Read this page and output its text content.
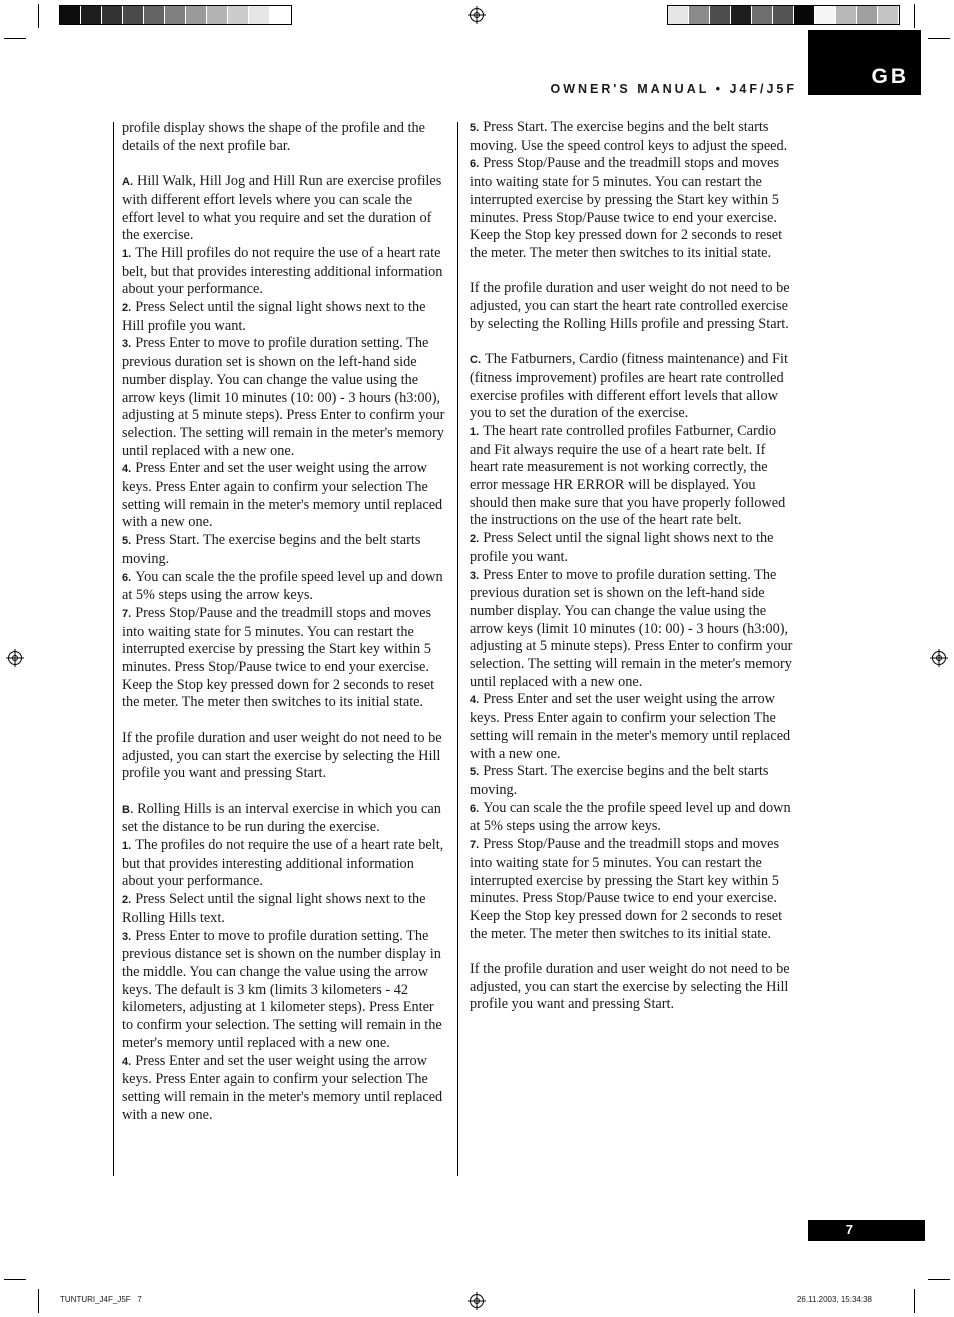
GB
OWNER'S MANUAL • J4F/J5F

profile display shows the shape of the profile and the details of the next profile bar.

A. Hill Walk, Hill Jog and Hill Run are exercise profiles with different effort levels where you can scale the effort level to what you require and set the duration of the exercise.

1. The Hill profiles do not require the use of a heart rate belt, but that provides interesting additional information about your performance.

2. Press Select until the signal light shows next to the Hill profile you want.

3. Press Enter to move to profile duration setting. The previous duration set is shown on the left-hand side number display. You can change the value using the arrow keys (limit 10 minutes (10: 00) - 3 hours (h3:00), adjusting at 5 minute steps). Press Enter to confirm your selection. The setting will remain in the meter's memory until replaced with a new one.

4. Press Enter and set the user weight using the arrow keys. Press Enter again to confirm your selection The setting will remain in the meter's memory until replaced with a new one.

5. Press Start. The exercise begins and the belt starts moving.

6. You can scale the the profile speed level up and down at 5% steps using the arrow keys.

7. Press Stop/Pause and the treadmill stops and moves into waiting state for 5 minutes. You can restart the interrupted exercise by pressing the Start key within 5 minutes. Press Stop/Pause twice to end your exercise. Keep the Stop key pressed down for 2 seconds to reset the meter. The meter then switches to its initial state.

If the profile duration and user weight do not need to be adjusted, you can start the exercise by selecting the Hill profile you want and pressing Start.

B. Rolling Hills is an interval exercise in which you can set the distance to be run during the exercise.

1. The profiles do not require the use of a heart rate belt, but that provides interesting additional information about your performance.

2. Press Select until the signal light shows next to the Rolling Hills text.

3. Press Enter to move to profile duration setting. The previous distance set is shown on the number display in the middle. You can change the value using the arrow keys. The default is 3 km (limits 3 kilometers - 42 kilometers, adjusting at 1 kilometer steps). Press Enter to confirm your selection. The setting will remain in the meter's memory until replaced with a new one.

4. Press Enter and set the user weight using the arrow keys. Press Enter again to confirm your selection The setting will remain in the meter's memory until replaced with a new one.

5. Press Start. The exercise begins and the belt starts moving. Use the speed control keys to adjust the speed.

6. Press Stop/Pause and the treadmill stops and moves into waiting state for 5 minutes. You can restart the interrupted exercise by pressing the Start key within 5 minutes. Press Stop/Pause twice to end your exercise. Keep the Stop key pressed down for 2 seconds to reset the meter. The meter then switches to its initial state.

If the profile duration and user weight do not need to be adjusted, you can start the heart rate controlled exercise by selecting the Rolling Hills profile and pressing Start.

C. The Fatburners, Cardio (fitness maintenance) and Fit (fitness improvement) profiles are heart rate controlled exercise profiles with different effort levels that allow you to set the duration of the exercise.

1. The heart rate controlled profiles Fatburner, Cardio and Fit always require the use of a heart rate belt. If heart rate measurement is not working correctly, the error message HR ERROR will be displayed. You should then make sure that you have properly followed the instructions on the use of the heart rate belt.

2. Press Select until the signal light shows next to the profile you want.

3. Press Enter to move to profile duration setting. The previous duration set is shown on the left-hand side number display. You can change the value using the arrow keys (limit 10 minutes (10: 00) - 3 hours (h3:00), adjusting at 5 minute steps). Press Enter to confirm your selection. The setting will remain in the meter's memory until replaced with a new one.

4. Press Enter and set the user weight using the arrow keys. Press Enter again to confirm your selection The setting will remain in the meter's memory until replaced with a new one.

5. Press Start. The exercise begins and the belt starts moving.

6. You can scale the the profile speed level up and down at 5% steps using the arrow keys.

7. Press Stop/Pause and the treadmill stops and moves into waiting state for 5 minutes. You can restart the interrupted exercise by pressing the Start key within 5 minutes. Press Stop/Pause twice to end your exercise. Keep the Stop key pressed down for 2 seconds to reset the meter. The meter then switches to its initial state.

If the profile duration and user weight do not need to be adjusted, you can start the exercise by selecting the Hill profile you want and pressing Start.

7
TUNTURI_J4F_J5F   7	26.11.2003, 15:34:38
